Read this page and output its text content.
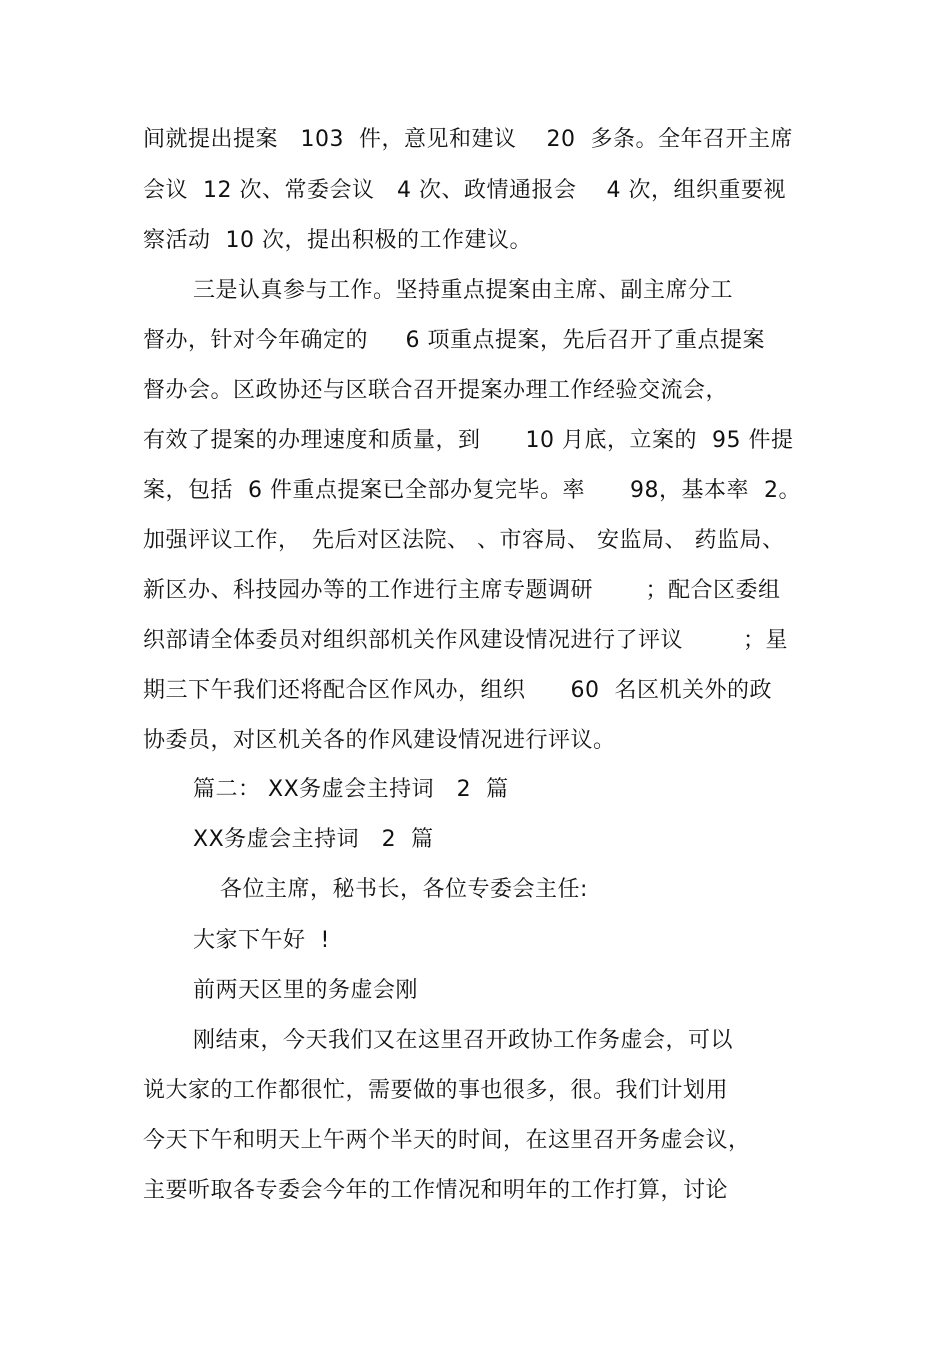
间就提出提案　103  件，意见和建议　 20  多条。全年召开主席
会议  12 次、常委会议　4 次、政情通报会　 4 次，组织重要视
察活动  10 次，提出积极的工作建议。
三是认真参与工作。坚持重点提案由主席、副主席分工
督办，针对今年确定的　  6 项重点提案，先后召开了重点提案
督办会。区政协还与区联合召开提案办理工作经验交流会，
有效了提案的办理速度和质量，到　　10 月底，立案的  95 件提
案，包括  6 件重点提案已全部办复完毕。率　　98，基本率  2。
加强评议工作，　先后对区法院、 、市容局、 安监局、 药监局、
新区办、科技园办等的工作进行主席专题调研　　 ；配合区委组
织部请全体委员对组织部机关作风建设情况进行了评议　　  ；星
期三下午我们还将配合区作风办，组织　　60  名区机关外的政
协委员，对区机关各的作风建设情况进行评议。
篇二： XX务虚会主持词　2  篇
XX务虚会主持词　2  篇
各位主席，秘书长，各位专委会主任:
大家下午好  !
前两天区里的务虚会刚
刚结束，今天我们又在这里召开政协工作务虚会，可以
说大家的工作都很忙，需要做的事也很多，很。我们计划用
今天下午和明天上午两个半天的时间，在这里召开务虚会议，
主要听取各专委会今年的工作情况和明年的工作打算，讨论
